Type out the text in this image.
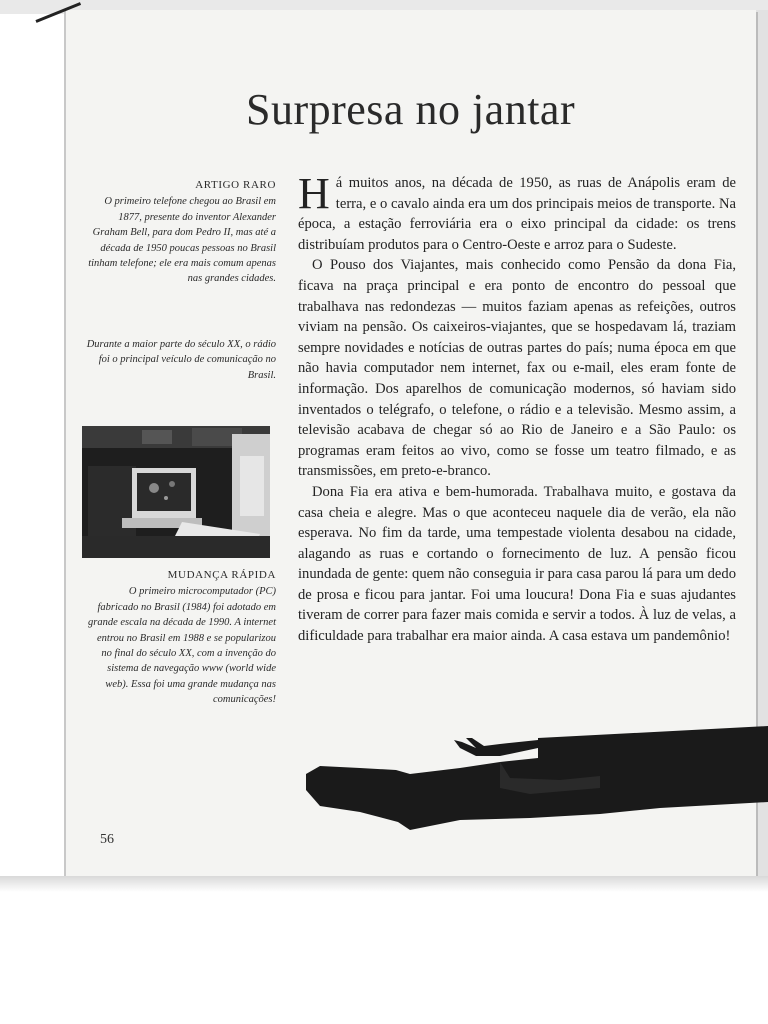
Surpresa no jantar
ARTIGO RARO
O primeiro telefone chegou ao Brasil em 1877, presente do inventor Alexander Graham Bell, para dom Pedro II, mas até a década de 1950 poucas pessoas no Brasil tinham telefone; ele era mais comum apenas nas grandes cidades.
Durante a maior parte do século XX, o rádio foi o principal veículo de comunicação no Brasil.
MUDANÇA RÁPIDA
O primeiro microcomputador (PC) fabricado no Brasil (1984) foi adotado em grande escala na década de 1990. A internet entrou no Brasil em 1988 e se popularizou no final do século XX, com a invenção do sistema de navegação www (world wide web). Essa foi uma grande mudança nas comunicações!

Há muitos anos, na década de 1950, as ruas de Anápolis eram de terra, e o cavalo ainda era um dos principais meios de transporte. Na época, a estação ferroviária era o eixo principal da cidade: os trens distribuíam produtos para o Centro-Oeste e arroz para o Sudeste.

O Pouso dos Viajantes, mais conhecido como Pensão da dona Fia, ficava na praça principal e era ponto de encontro do pessoal que trabalhava nas redondezas — muitos faziam apenas as refeições, outros viviam na pensão. Os caixeiros-viajantes, que se hospedavam lá, traziam sempre novidades e notícias de outras partes do país; numa época em que não havia computador nem internet, fax ou e-mail, eles eram fonte de informação. Dos aparelhos de comunicação modernos, só haviam sido inventados o telégrafo, o telefone, o rádio e a televisão. Mesmo assim, a televisão acabava de chegar só ao Rio de Janeiro e a São Paulo: os programas eram feitos ao vivo, como se fosse um teatro filmado, e as transmissões, em preto-e-branco.

Dona Fia era ativa e bem-humorada. Trabalhava muito, e gostava da casa cheia e alegre. Mas o que aconteceu naquele dia de verão, ela não esperava. No fim da tarde, uma tempestade violenta desabou na cidade, alagando as ruas e cortando o fornecimento de luz. A pensão ficou inundada de gente: quem não conseguia ir para casa parou lá para um dedo de prosa e ficou para jantar. Foi uma loucura! Dona Fia e suas ajudantes tiveram de correr para fazer mais comida e servir a todos. À luz de velas, a dificuldade para trabalhar era maior ainda. A casa estava um pandemônio!

56
